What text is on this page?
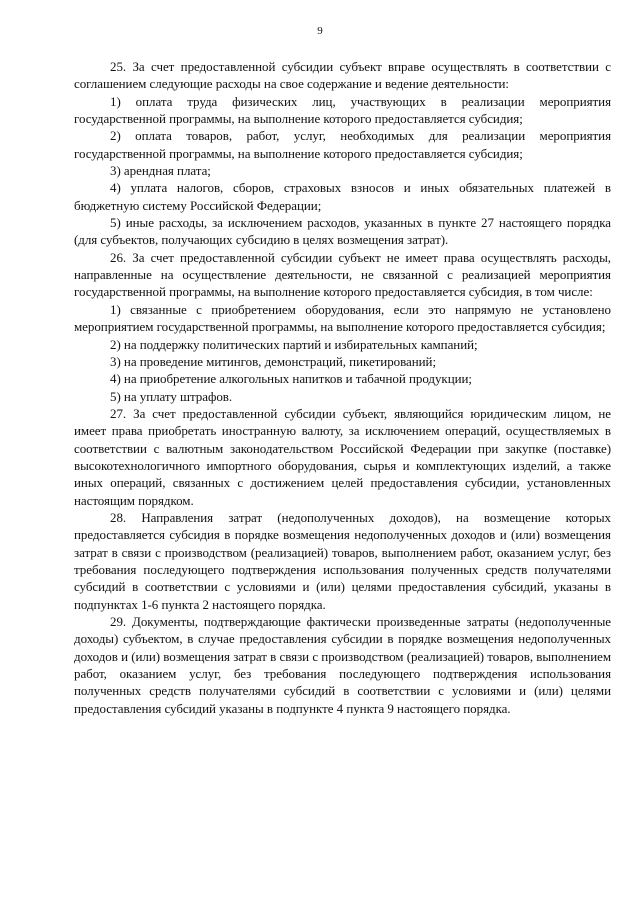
9

25. За счет предоставленной субсидии субъект вправе осуществлять в соответствии с соглашением следующие расходы на свое содержание и ведение деятельности:

1) оплата труда физических лиц, участвующих в реализации мероприятия государственной программы, на выполнение которого предоставляется субсидия;

2) оплата товаров, работ, услуг, необходимых для реализации мероприятия государственной программы, на выполнение которого предоставляется субсидия;

3) арендная плата;

4) уплата налогов, сборов, страховых взносов и иных обязательных платежей в бюджетную систему Российской Федерации;

5) иные расходы, за исключением расходов, указанных в пункте 27 настоящего порядка (для субъектов, получающих субсидию в целях возмещения затрат).

26. За счет предоставленной субсидии субъект не имеет права осуществлять расходы, направленные на осуществление деятельности, не связанной с реализацией мероприятия государственной программы, на выполнение которого предоставляется субсидия, в том числе:

1) связанные с приобретением оборудования, если это напрямую не установлено мероприятием государственной программы, на выполнение которого предоставляется субсидия;

2) на поддержку политических партий и избирательных кампаний;

3) на проведение митингов, демонстраций, пикетирований;

4) на приобретение алкогольных напитков и табачной продукции;

5) на уплату штрафов.

27. За счет предоставленной субсидии субъект, являющийся юридическим лицом, не имеет права приобретать иностранную валюту, за исключением операций, осуществляемых в соответствии с валютным законодательством Российской Федерации при закупке (поставке) высокотехнологичного импортного оборудования, сырья и комплектующих изделий, а также иных операций, связанных с достижением целей предоставления субсидии, установленных настоящим порядком.

28. Направления затрат (недополученных доходов), на возмещение которых предоставляется субсидия в порядке возмещения недополученных доходов и (или) возмещения затрат в связи с производством (реализацией) товаров, выполнением работ, оказанием услуг, без требования последующего подтверждения использования полученных средств получателями субсидий в соответствии с условиями и (или) целями предоставления субсидий, указаны в подпунктах 1-6 пункта 2 настоящего порядка.

29. Документы, подтверждающие фактически произведенные затраты (недополученные доходы) субъектом, в случае предоставления субсидии в порядке возмещения недополученных доходов и (или) возмещения затрат в связи с производством (реализацией) товаров, выполнением работ, оказанием услуг, без требования последующего подтверждения использования полученных средств получателями субсидий в соответствии с условиями и (или) целями предоставления субсидий указаны в подпункте 4 пункта 9 настоящего порядка.
